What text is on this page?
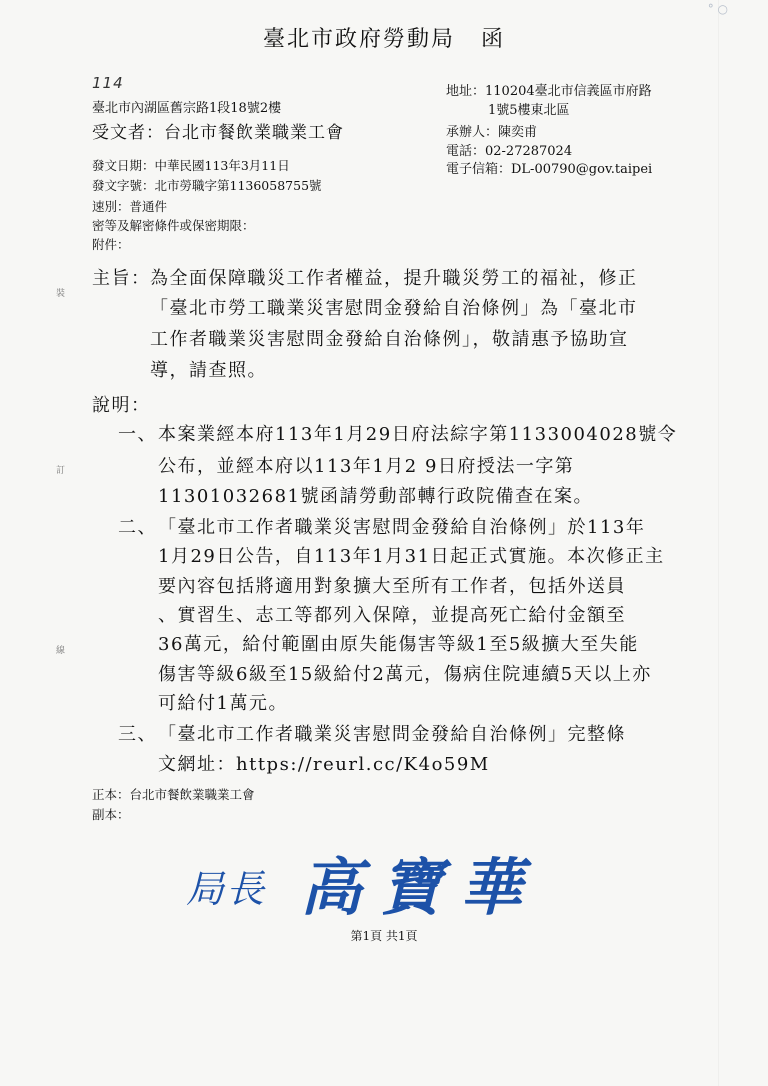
° ○
臺北市政府勞動局 函
114
臺北市內湖區舊宗路1段18號2樓
受文者：台北市餐飲業職業工會
發文日期：中華民國113年3月11日
發文字號：北市勞職字第1136058755號
速別：普通件
密等及解密條件或保密期限：
附件：
地址：110204臺北市信義區市府路
1號5樓東北區
承辦人：陳奕甫
電話：02-27287024
電子信箱：DL-00790@gov.taipei
裝
訂
線
主旨： 為全面保障職災工作者權益，提升職災勞工的福祉，修正
「臺北市勞工職業災害慰問金發給自治條例」為「臺北市
工作者職業災害慰問金發給自治條例」，敬請惠予協助宣
導，請查照。
說明：
一、 本案業經本府113年1月29日府法綜字第1133004028號令
公布，並經本府以113年1月2 9日府授法一字第
11301032681號函請勞動部轉行政院備查在案。
二、 「臺北市工作者職業災害慰問金發給自治條例」於113年
1月29日公告，自113年1月31日起正式實施。本次修正主
要內容包括將適用對象擴大至所有工作者，包括外送員
、實習生、志工等都列入保障，並提高死亡給付金額至
36萬元，給付範圍由原失能傷害等級1至5級擴大至失能
傷害等級6級至15級給付2萬元，傷病住院連續5天以上亦
可給付1萬元。
三、 「臺北市工作者職業災害慰問金發給自治條例」完整條
文網址：https://reurl.cc/K4o59M
正本：台北市餐飲業職業工會
副本：
局長 高寶華
第1頁 共1頁
